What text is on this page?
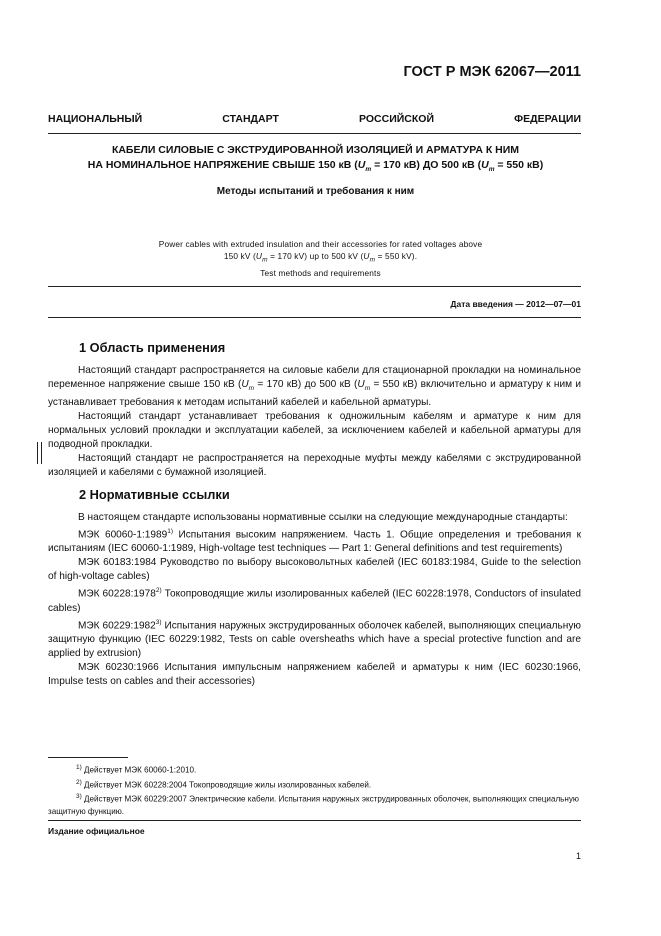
ГОСТ Р МЭК 62067—2011
НАЦИОНАЛЬНЫЙ СТАНДАРТ РОССИЙСКОЙ ФЕДЕРАЦИИ
КАБЕЛИ СИЛОВЫЕ С ЭКСТРУДИРОВАННОЙ ИЗОЛЯЦИЕЙ И АРМАТУРА К НИМ
НА НОМИНАЛЬНОЕ НАПРЯЖЕНИЕ СВЫШЕ 150 кВ ($U_m = 170$ кВ) ДО 500 кВ ($U_m = 550$ кВ)
Методы испытаний и требования к ним
Power cables with extruded insulation and their accessories for rated voltages above
150 kV ($U_m = 170$ kV) up to 500 kV ($U_m = 550$ kV).
Test methods and requirements
Дата введения — 2012—07—01
1 Область применения

Настоящий стандарт распространяется на силовые кабели для стационарной прокладки на номинальное переменное напряжение свыше 150 кВ ($U_m = 170$ кВ) до 500 кВ ($U_m = 550$ кВ) включительно и арматуру к ним и устанавливает требования к методам испытаний кабелей и кабельной арматуры.

Настоящий стандарт устанавливает требования к одножильным кабелям и арматуре к ним для нормальных условий прокладки и эксплуатации кабелей, за исключением кабелей и кабельной арматуры для подводной прокладки.

Настоящий стандарт не распространяется на переходные муфты между кабелями с экструдированной изоляцией и кабелями с бумажной изоляцией.

2 Нормативные ссылки

В настоящем стандарте использованы нормативные ссылки на следующие международные стандарты:

МЭК 60060-1:1989$^{1)}$ Испытания высоким напряжением. Часть 1. Общие определения и требования к испытаниям (IEC 60060-1:1989, High-voltage test techniques — Part 1: General definitions and test requirements)

МЭК 60183:1984 Руководство по выбору высоковольтных кабелей (IEC 60183:1984, Guide to the selection of high-voltage cables)

МЭК 60228:1978$^{2)}$ Токопроводящие жилы изолированных кабелей (IEC 60228:1978, Conductors of insulated cables)

МЭК 60229:1982$^{3)}$ Испытания наружных экструдированных оболочек кабелей, выполняющих специальную защитную функцию (IEC 60229:1982, Tests on cable oversheaths which have a special protective function and are applied by extrusion)

МЭК 60230:1966 Испытания импульсным напряжением кабелей и арматуры к ним (IEC 60230:1966, Impulse tests on cables and their accessories)

$^{1)}$ Действует МЭК 60060-1:2010.

$^{2)}$ Действует МЭК 60228:2004 Токопроводящие жилы изолированных кабелей.

$^{3)}$ Действует МЭК 60229:2007 Электрические кабели. Испытания наружных экструдированных оболочек, выполняющих специальную защитную функцию.

Издание официальное
1
